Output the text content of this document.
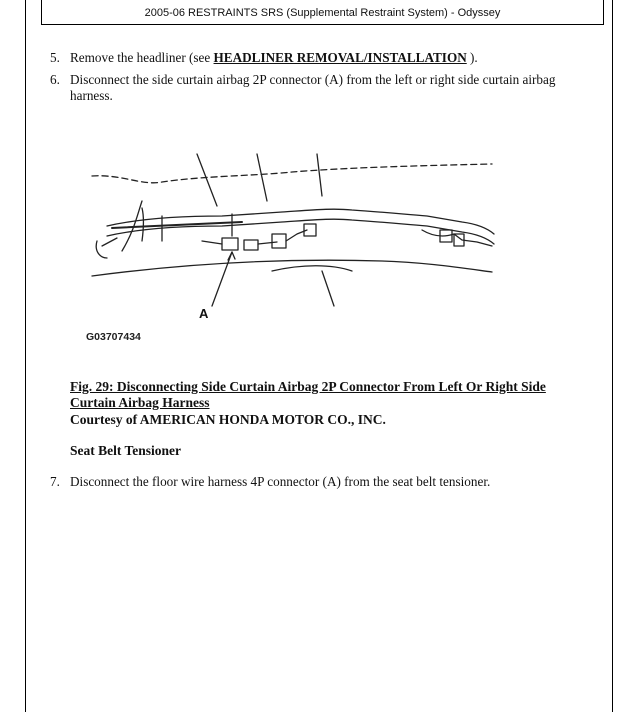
2005-06 RESTRAINTS SRS (Supplemental Restraint System) - Odyssey
5. Remove the headliner (see HEADLINER REMOVAL/INSTALLATION ).
6. Disconnect the side curtain airbag 2P connector (A) from the left or right side curtain airbag
harness.
A
G03707434
Fig. 29: Disconnecting Side Curtain Airbag 2P Connector From Left Or Right Side
Curtain Airbag Harness
Courtesy of AMERICAN HONDA MOTOR CO., INC.
Seat Belt Tensioner
7. Disconnect the floor wire harness 4P connector (A) from the seat belt tensioner.
